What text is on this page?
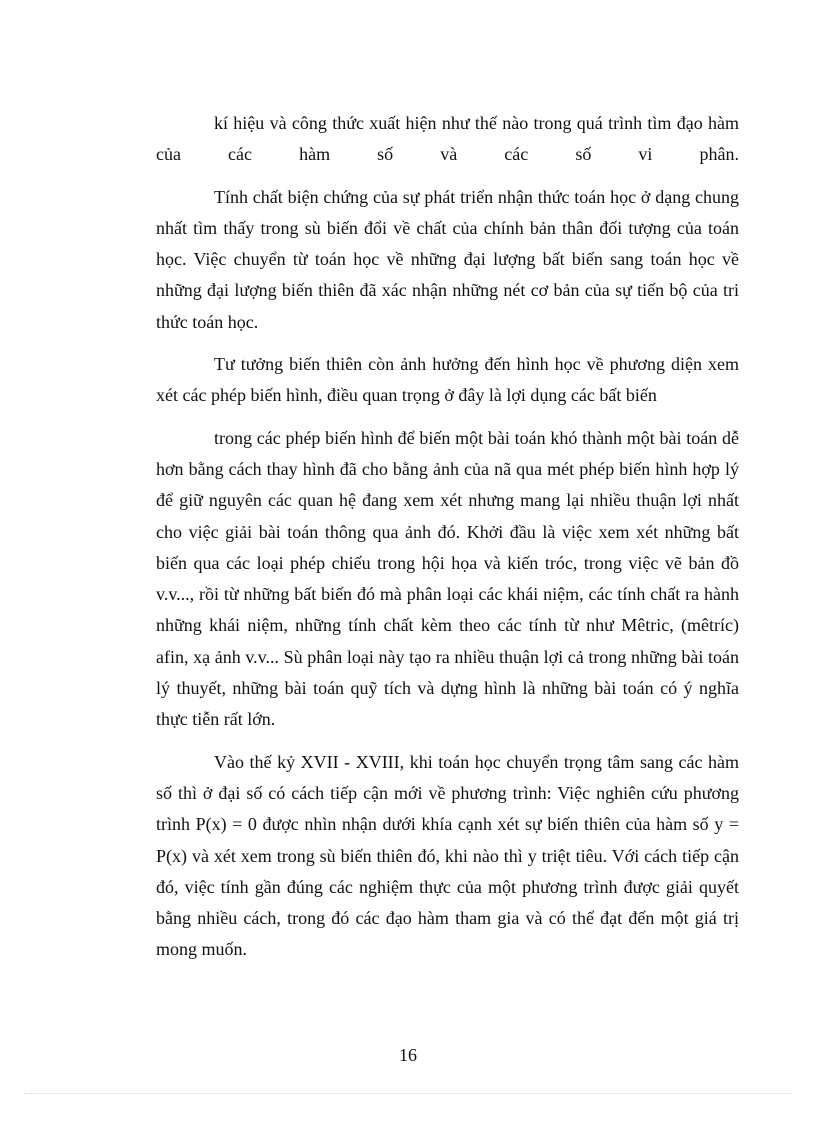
kí hiệu và công thức xuất hiện như thế nào trong quá trình tìm đạo hàm của các hàm số và các số vi phân.

Tính chất biện chứng của sự phát triển nhận thức toán học ở dạng chung nhất tìm thấy trong sù biến đổi về chất của chính bản thân đối tượng của toán học. Việc chuyển từ toán học về những đại lượng bất biến sang toán học về những đại lượng biến thiên đã xác nhận những nét cơ bản của sự tiến bộ của tri thức toán học.

Tư tưởng biến thiên còn ảnh hưởng đến hình học về phương diện xem xét các phép biến hình, điều quan trọng ở đây là lợi dụng các bất biến

trong các phép biến hình để biến một bài toán khó thành một bài toán dễ hơn bằng cách thay hình đã cho bằng ảnh của nã qua mét phép biến hình hợp lý để giữ nguyên các quan hệ đang xem xét nhưng mang lại nhiều thuận lợi nhất cho việc giải bài toán thông qua ảnh đó. Khởi đầu là việc xem xét những bất biến qua các loại phép chiếu trong hội họa và kiến tróc, trong việc vẽ bản đồ v.v..., rồi từ những bất biến đó mà phân loại các khái niệm, các tính chất ra hành những khái niệm, những tính chất kèm theo các tính từ như Mêtric, (mêtríc) afin, xạ ảnh v.v... Sù phân loại này tạo ra nhiều thuận lợi cả trong những bài toán lý thuyết, những bài toán quỹ tích và dựng hình là những bài toán có ý nghĩa thực tiễn rất lớn.

Vào thế kỷ XVII - XVIII, khi toán học chuyển trọng tâm sang các hàm số thì ở đại số có cách tiếp cận mới về phương trình: Việc nghiên cứu phương trình P(x) = 0 được nhìn nhận dưới khía cạnh xét sự biến thiên của hàm số y = P(x) và xét xem trong sù biến thiên đó, khi nào thì y triệt tiêu. Với cách tiếp cận đó, việc tính gần đúng các nghiệm thực của một phương trình được giải quyết bằng nhiều cách, trong đó các đạo hàm tham gia và có thể đạt đến một giá trị mong muốn.

16
